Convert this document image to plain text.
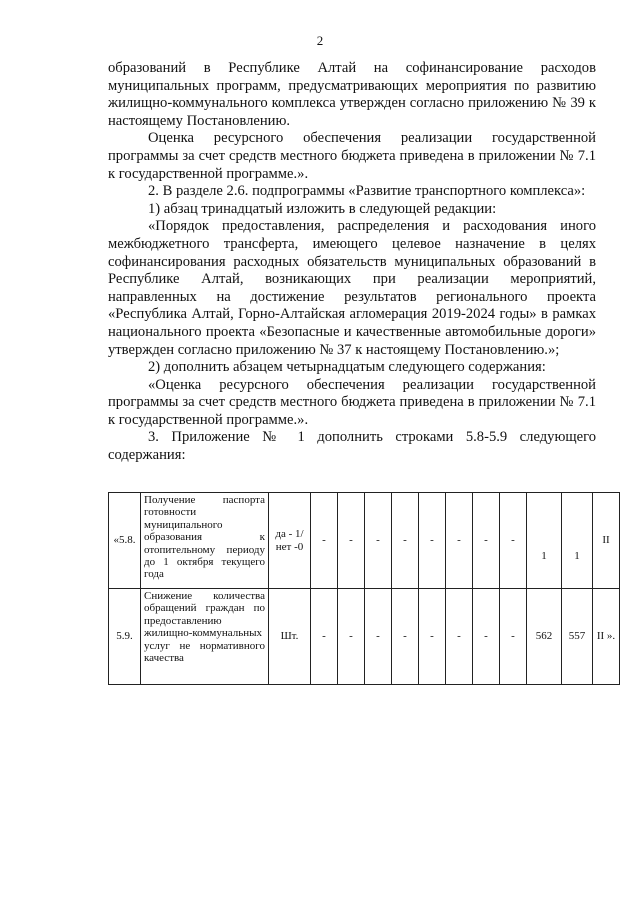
2

образований в Республике Алтай на софинансирование расходов муниципальных программ, предусматривающих мероприятия по развитию жилищно-коммунального комплекса утвержден согласно приложению № 39 к настоящему Постановлению.

Оценка ресурсного обеспечения реализации государственной программы за счет средств местного бюджета приведена в приложении № 7.1 к государственной программе.».

2. В разделе 2.6. подпрограммы «Развитие транспортного комплекса»:

1) абзац тринадцатый изложить в следующей редакции:

«Порядок предоставления, распределения и расходования иного межбюджетного трансферта, имеющего целевое назначение в целях софинансирования расходных обязательств муниципальных образований в Республике Алтай, возникающих при реализации мероприятий, направленных на достижение результатов регионального проекта «Республика Алтай, Горно-Алтайская агломерация 2019-2024 годы» в рамках национального проекта «Безопасные и качественные автомобильные дороги» утвержден согласно приложению № 37 к настоящему Постановлению.»;

2) дополнить абзацем четырнадцатым следующего содержания:

«Оценка ресурсного обеспечения реализации государственной программы за счет средств местного бюджета приведена в приложении № 7.1 к государственной программе.».

3. Приложение № 1 дополнить строками 5.8-5.9 следующего содержания:

«5.8.	Получение паспорта готовности муниципального образования к отопительному периоду до 1 октября текущего года	да - 1/нет -0	-	-	-	-	-	-	-	-	1	1	II
5.9.	Снижение количества обращений граждан по предоставлению жилищно-коммунальных услуг не нормативного качества	Шт.	-	-	-	-	-	-	-	-	562	557	II ».
